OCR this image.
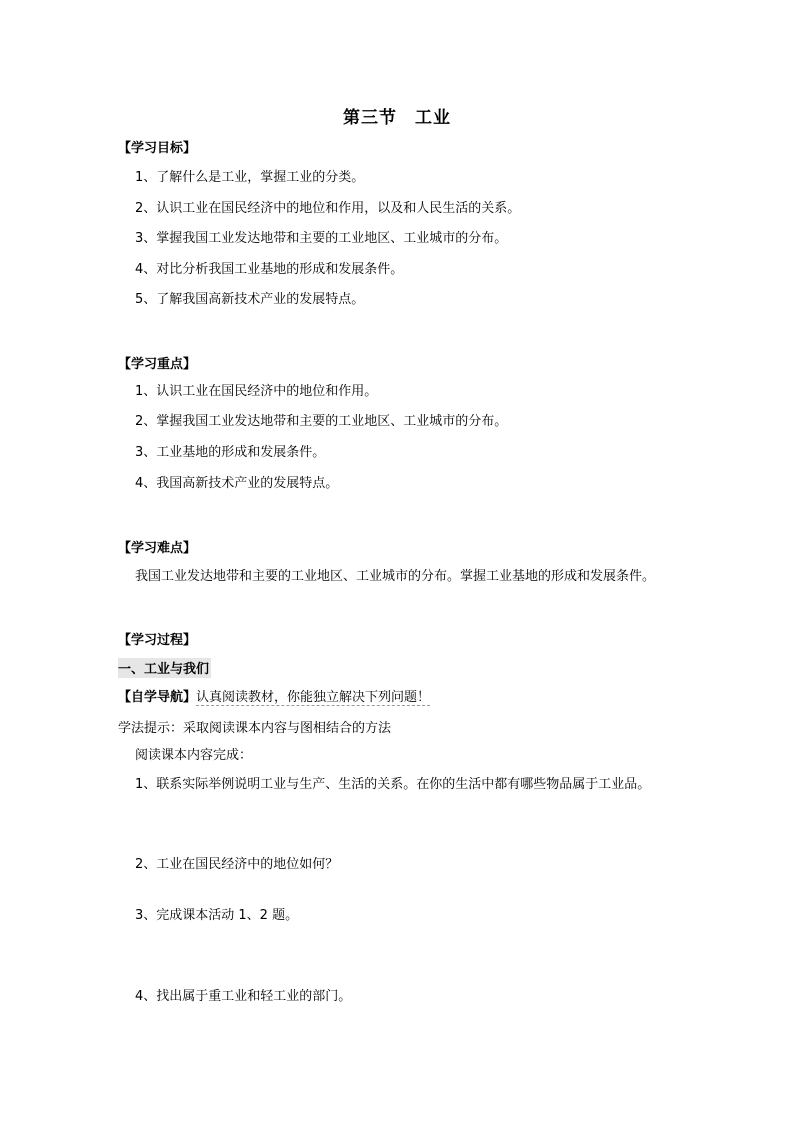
第三节　工业
【学习目标】
1、了解什么是工业，掌握工业的分类。
2、认识工业在国民经济中的地位和作用，以及和人民生活的关系。
3、掌握我国工业发达地带和主要的工业地区、工业城市的分布。
4、对比分析我国工业基地的形成和发展条件。
5、了解我国高新技术产业的发展特点。
【学习重点】
1、认识工业在国民经济中的地位和作用。
2、掌握我国工业发达地带和主要的工业地区、工业城市的分布。
3、工业基地的形成和发展条件。
4、我国高新技术产业的发展特点。
【学习难点】
我国工业发达地带和主要的工业地区、工业城市的分布。掌握工业基地的形成和发展条件。
【学习过程】
一、工业与我们
【自学导航】认真阅读教材，你能独立解决下列问题！
学法提示：采取阅读课本内容与图相结合的方法
阅读课本内容完成：
1、联系实际举例说明工业与生产、生活的关系。在你的生活中都有哪些物品属于工业品。
2、工业在国民经济中的地位如何？
3、完成课本活动 1、2 题。
4、找出属于重工业和轻工业的部门。
